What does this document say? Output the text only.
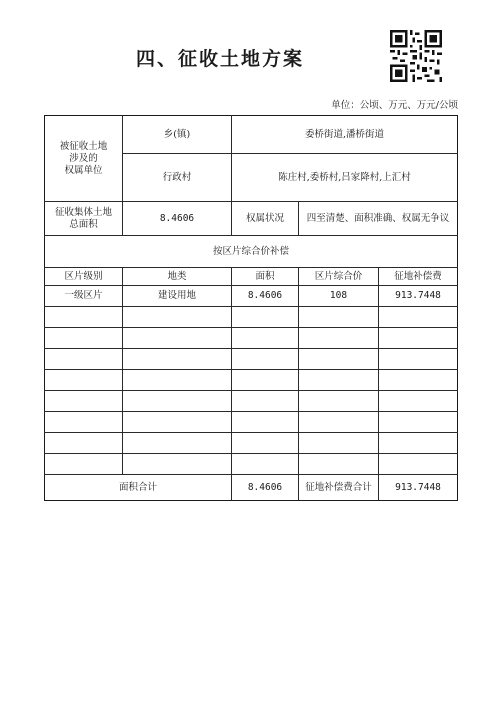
四、征收土地方案
单位：公顷、万元、万元/公顷
被征收土地
涉及的
权属单位	乡(镇)	委桥街道,潘桥街道		
	行政村	陈庄村,委桥村,吕家降村,上汇村		
征收集体土地
总面积	8.4606	权属状况	四至清楚、面积准确、权属无争议	
按区片综合价补偿				
区片级别	地类	面积	区片综合价	征地补偿费
一级区片	建设用地	8.4606	108	913.7448

面积合计		8.4606	征地补偿费合计	913.7448
